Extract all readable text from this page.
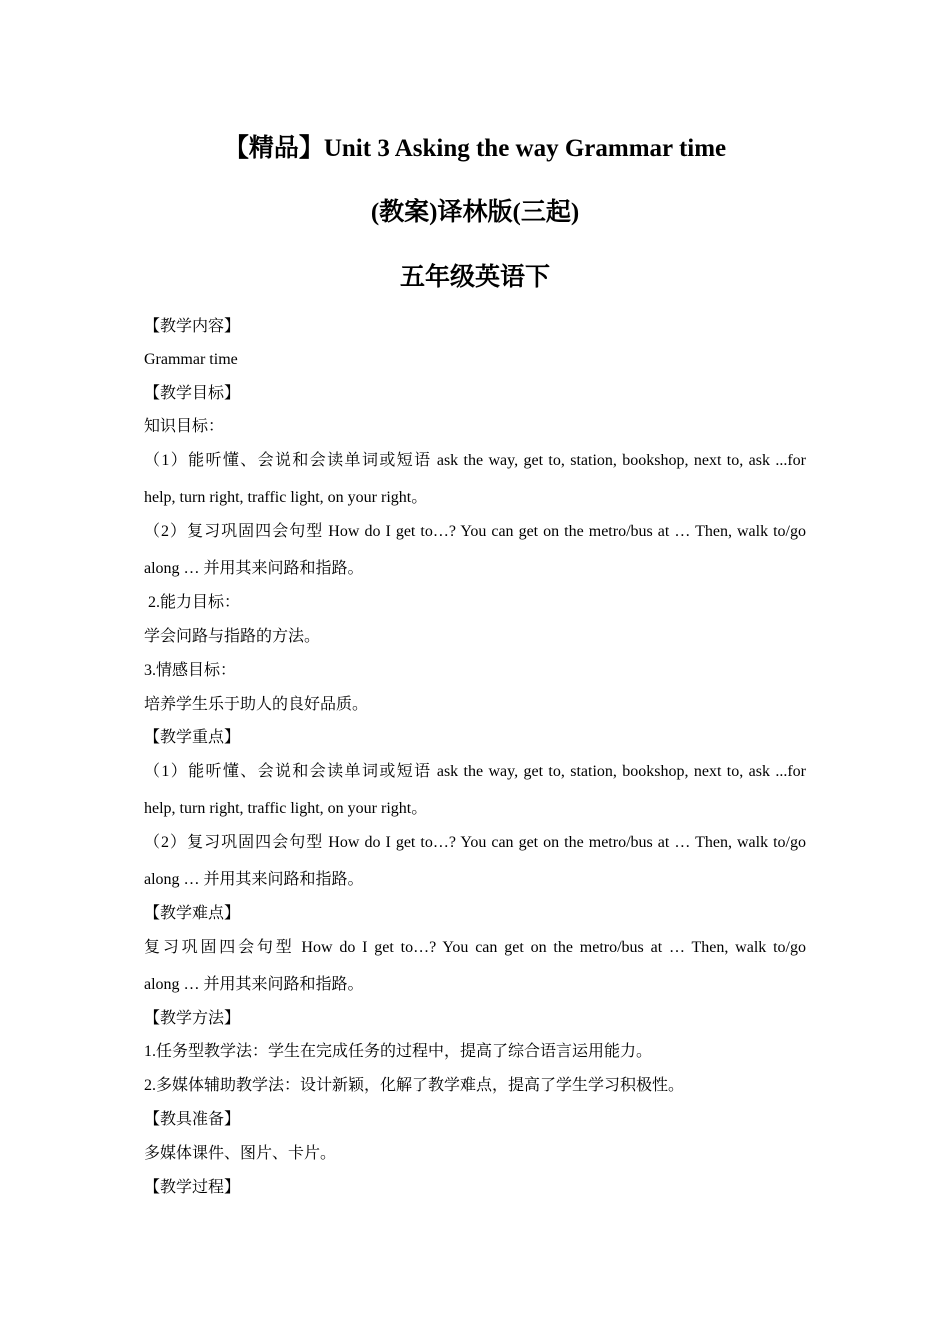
【精品】Unit 3 Asking the way Grammar time
(教案)译林版(三起)
五年级英语下
【教学内容】
Grammar time
【教学目标】
知识目标：
（1）能听懂、会说和会读单词或短语 ask the way, get to, station, bookshop, next to, ask ...for
help, turn right, traffic light, on your right。
（2）复习巩固四会句型 How do I get to…? You can get on the metro/bus at … Then, walk to/go
along … 并用其来问路和指路。
2.能力目标：
学会问路与指路的方法。
3.情感目标：
培养学生乐于助人的良好品质。
【教学重点】
（1）能听懂、会说和会读单词或短语 ask the way, get to, station, bookshop, next to, ask ...for
help, turn right, traffic light, on your right。
（2）复习巩固四会句型 How do I get to…? You can get on the metro/bus at … Then, walk to/go
along … 并用其来问路和指路。
【教学难点】
复习巩固四会句型 How do I get to…? You can get on the metro/bus at … Then, walk to/go
along … 并用其来问路和指路。
【教学方法】
1.任务型教学法：学生在完成任务的过程中，提高了综合语言运用能力。
2.多媒体辅助教学法：设计新颖，化解了教学难点，提高了学生学习积极性。
【教具准备】
多媒体课件、图片、卡片。
【教学过程】
